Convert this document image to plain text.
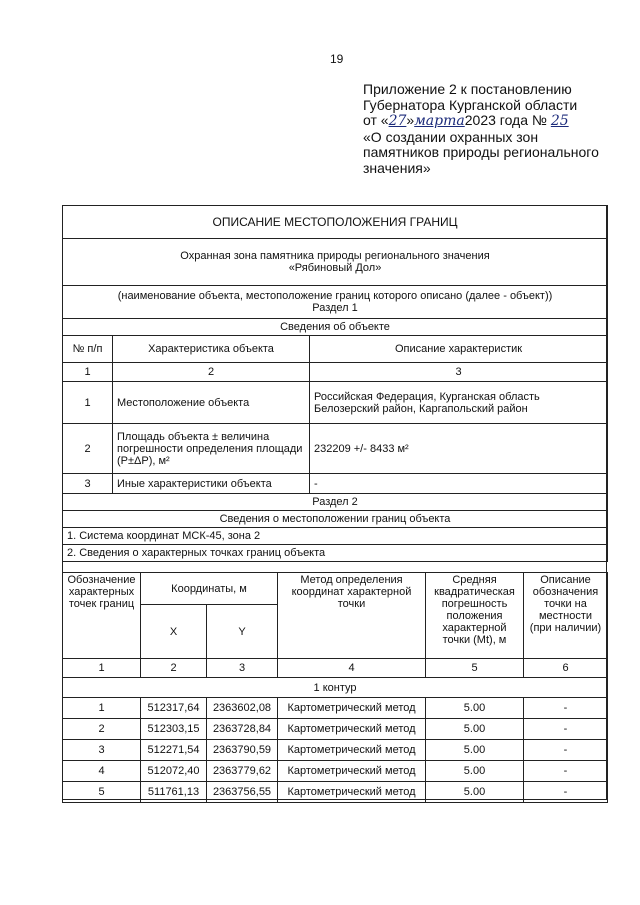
19
Приложение 2 к постановлению
Губернатора Курганской области
от «27»марта2023 года № 25
«О создании охранных зон
памятников природы регионального
значения»
ОПИСАНИЕ МЕСТОПОЛОЖЕНИЯ ГРАНИЦ		

Охранная зона памятника природы регионального значения
«Рябиновый Дол»		

(наименование объекта, местоположение границ которого описано (далее - объект))
Раздел 1		

Сведения об объекте		
№ п/п	Характеристика объекта	Описание характеристик
1	2	3
1	Местоположение объекта	Российская Федерация, Курганская область Белозерский район, Каргапольский район
2	Площадь объекта ± величина погрешности определения площади (P±ΔP), м²	232209 +/- 8433 м²
3	Иные характеристики объекта	-
Раздел 2		
Сведения о местоположении границ объекта		
1. Система координат МСК-45, зона 2		
2. Сведения о характерных точках границ объекта		
Обозначение характерных точек границ	Координаты, м		Метод определения координат характерной точки	Средняя квадратическая погрешность положения характерной точки (Mt), м	Описание обозначения точки на местности (при наличии)
	X	Y			
1	2	3	4	5	6
1 контур					
1	512317,64	2363602,08	Картометрический метод	5.00	-
2	512303,15	2363728,84	Картометрический метод	5.00	-
3	512271,54	2363790,59	Картометрический метод	5.00	-
4	512072,40	2363779,62	Картометрический метод	5.00	-
5	511761,13	2363756,55	Картометрический метод	5.00	-
